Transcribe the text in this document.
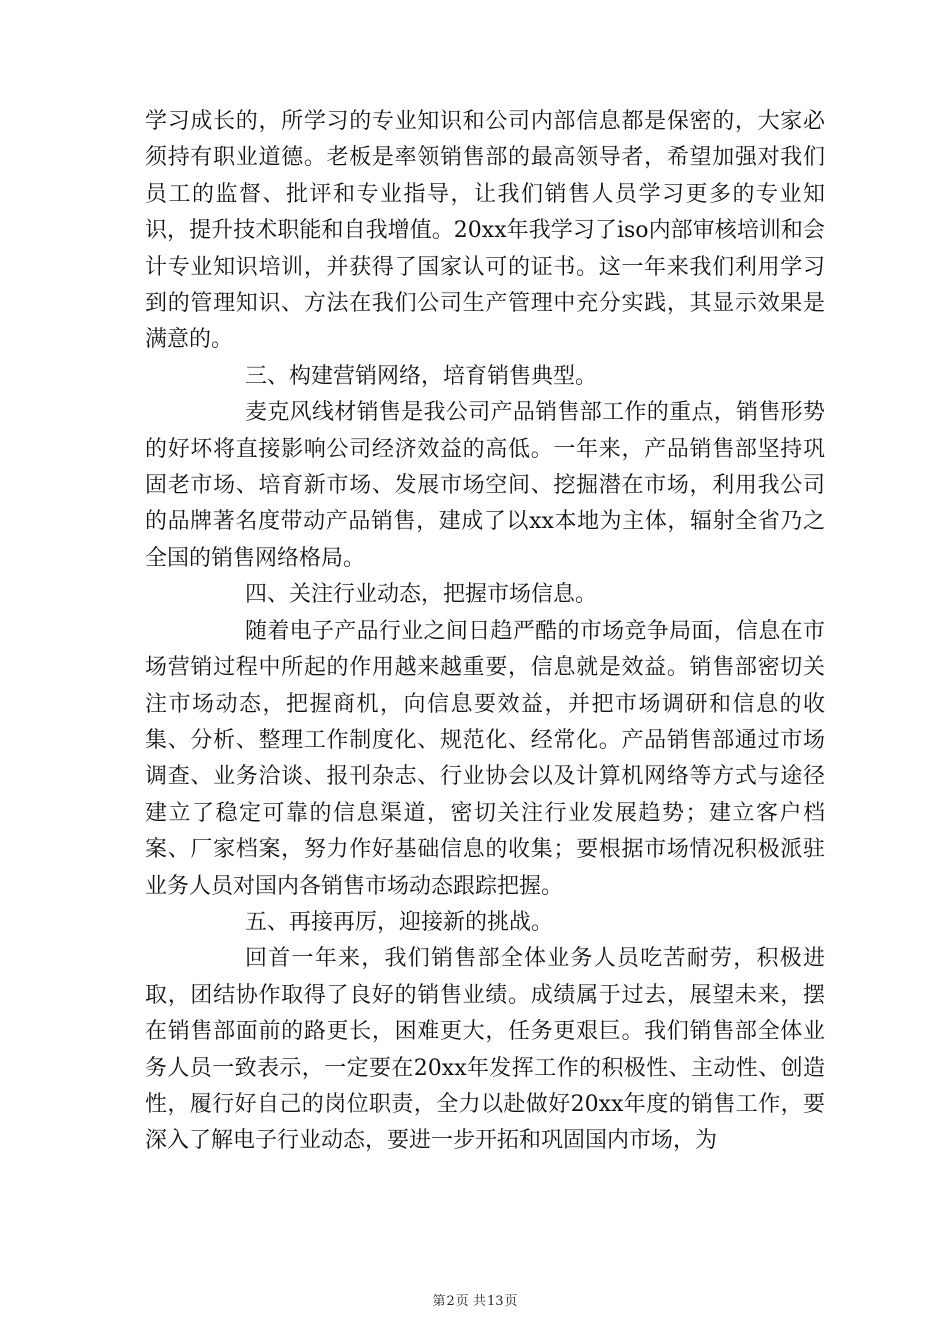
学习成长的，所学习的专业知识和公司内部信息都是保密的，大家必须持有职业道德。老板是率领销售部的最高领导者，希望加强对我们员工的监督、批评和专业指导，让我们销售人员学习更多的专业知识，提升技术职能和自我增值。20xx年我学习了iso内部审核培训和会计专业知识培训，并获得了国家认可的证书。这一年来我们利用学习到的管理知识、方法在我们公司生产管理中充分实践，其显示效果是满意的。

三、构建营销网络，培育销售典型。

麦克风线材销售是我公司产品销售部工作的重点，销售形势的好坏将直接影响公司经济效益的高低。一年来，产品销售部坚持巩固老市场、培育新市场、发展市场空间、挖掘潜在市场，利用我公司的品牌著名度带动产品销售，建成了以xx本地为主体，辐射全省乃之全国的销售网络格局。

四、关注行业动态，把握市场信息。

随着电子产品行业之间日趋严酷的市场竞争局面，信息在市场营销过程中所起的作用越来越重要，信息就是效益。销售部密切关注市场动态，把握商机，向信息要效益，并把市场调研和信息的收集、分析、整理工作制度化、规范化、经常化。产品销售部通过市场调查、业务洽谈、报刊杂志、行业协会以及计算机网络等方式与途径建立了稳定可靠的信息渠道，密切关注行业发展趋势；建立客户档案、厂家档案，努力作好基础信息的收集；要根据市场情况积极派驻业务人员对国内各销售市场动态跟踪把握。

五、再接再厉，迎接新的挑战。

回首一年来，我们销售部全体业务人员吃苦耐劳，积极进取，团结协作取得了良好的销售业绩。成绩属于过去，展望未来，摆在销售部面前的路更长，困难更大，任务更艰巨。我们销售部全体业务人员一致表示，一定要在20xx年发挥工作的积极性、主动性、创造性，履行好自己的岗位职责，全力以赴做好20xx年度的销售工作，要深入了解电子行业动态，要进一步开拓和巩固国内市场，为

第2页 共13页
